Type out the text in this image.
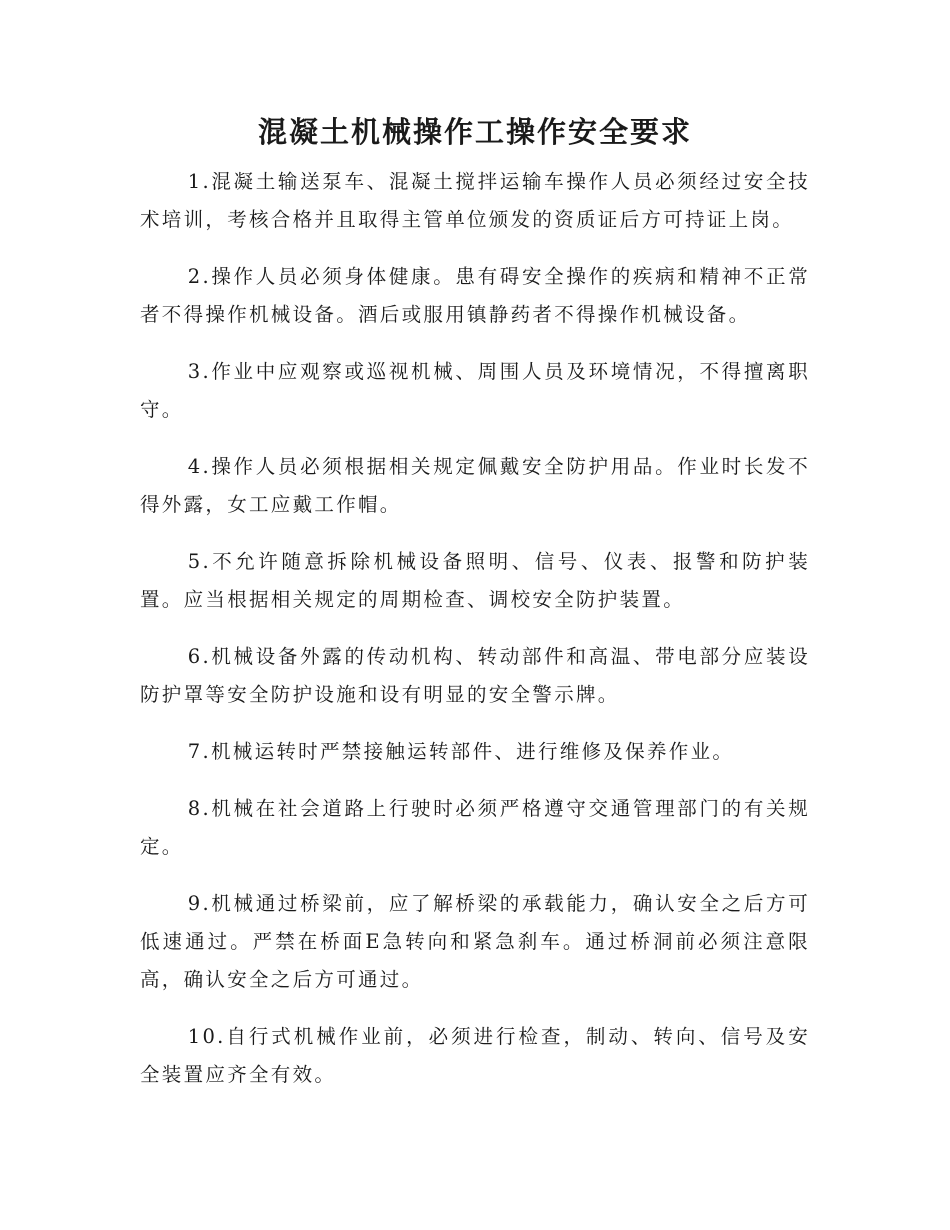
混凝土机械操作工操作安全要求

1.混凝土输送泵车、混凝土搅拌运输车操作人员必须经过安全技术培训，考核合格并且取得主管单位颁发的资质证后方可持证上岗。

2.操作人员必须身体健康。患有碍安全操作的疾病和精神不正常者不得操作机械设备。酒后或服用镇静药者不得操作机械设备。

3.作业中应观察或巡视机械、周围人员及环境情况，不得擅离职守。

4.操作人员必须根据相关规定佩戴安全防护用品。作业时长发不得外露，女工应戴工作帽。

5.不允许随意拆除机械设备照明、信号、仪表、报警和防护装置。应当根据相关规定的周期检查、调校安全防护装置。

6.机械设备外露的传动机构、转动部件和高温、带电部分应装设防护罩等安全防护设施和设有明显的安全警示牌。

7.机械运转时严禁接触运转部件、进行维修及保养作业。

8.机械在社会道路上行驶时必须严格遵守交通管理部门的有关规定。

9.机械通过桥梁前，应了解桥梁的承载能力，确认安全之后方可低速通过。严禁在桥面E急转向和紧急刹车。通过桥洞前必须注意限高，确认安全之后方可通过。

10.自行式机械作业前，必须进行检查，制动、转向、信号及安全装置应齐全有效。
